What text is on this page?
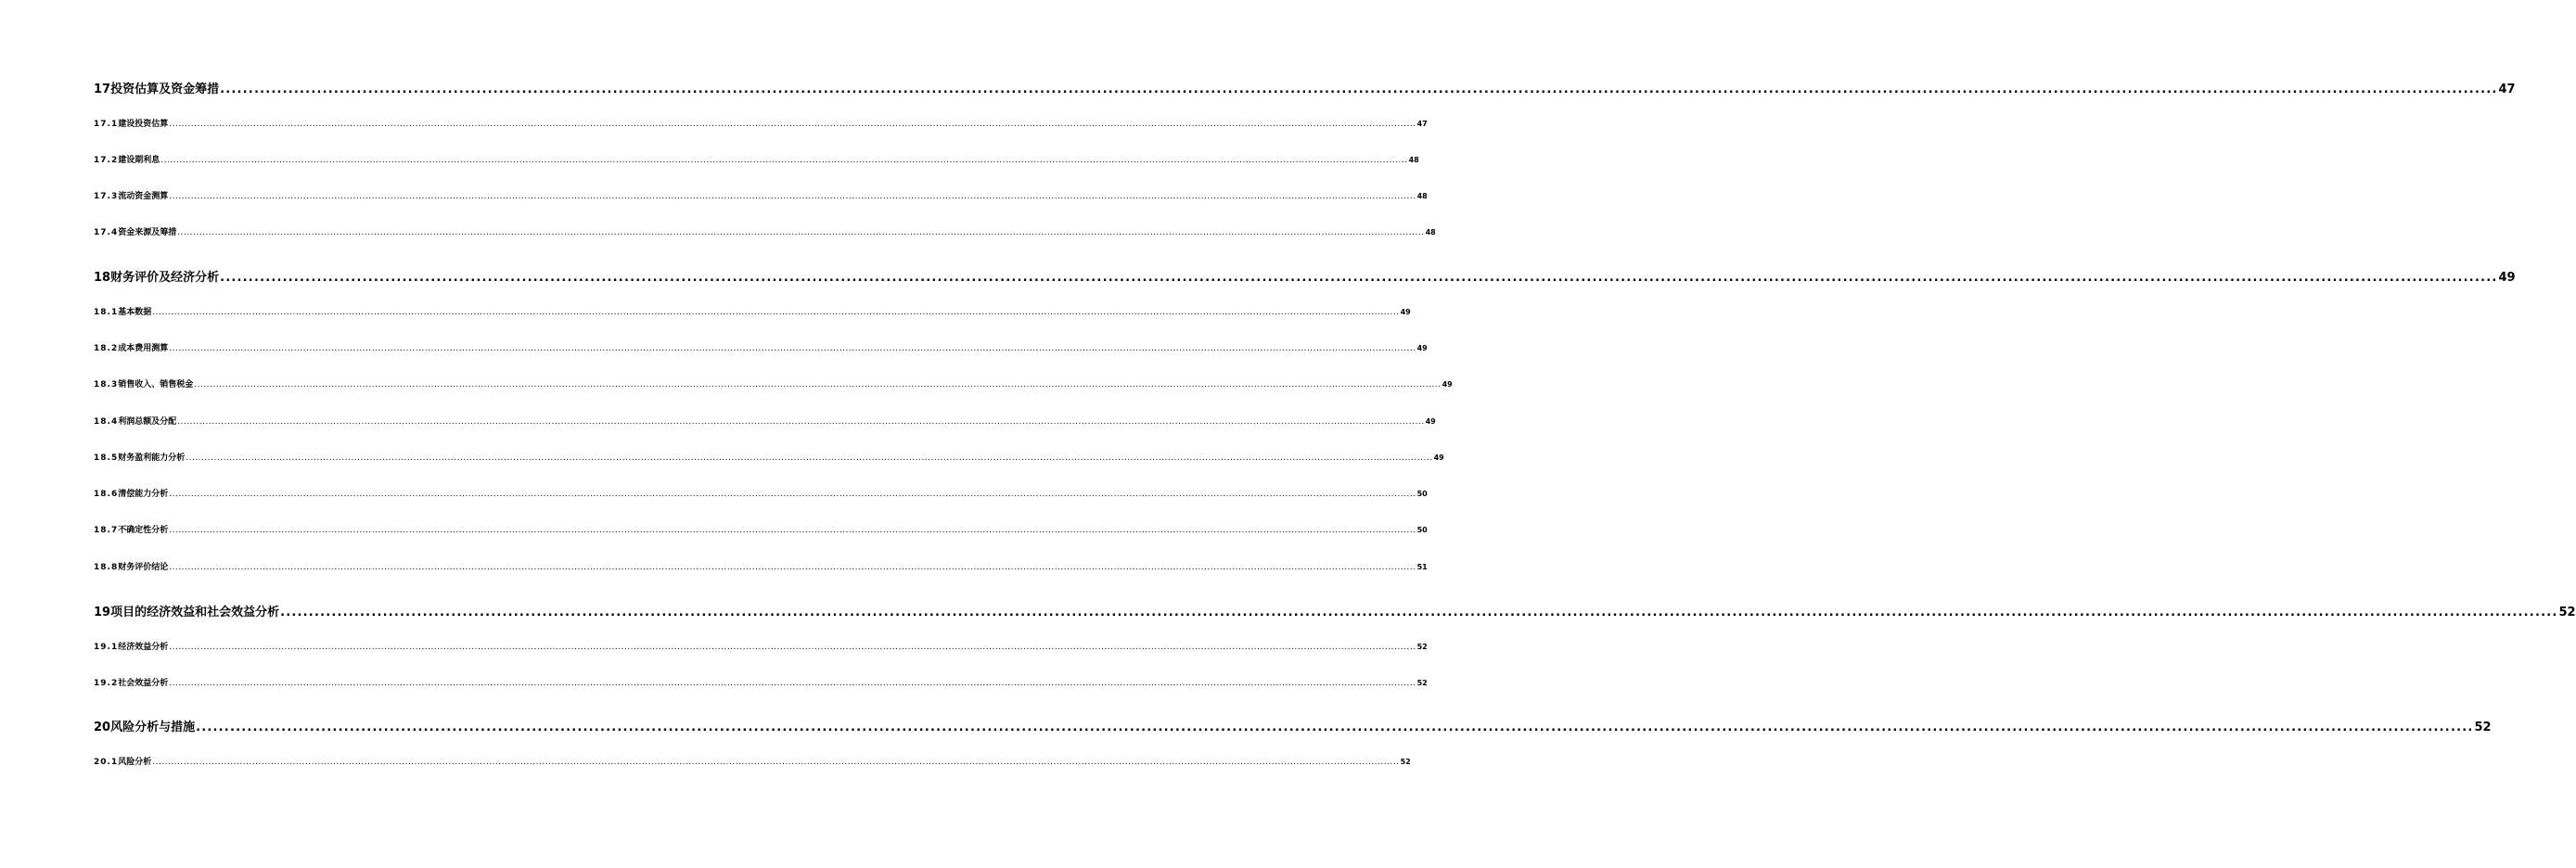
17 投资估算及资金筹措 ................................................................................................................................................................................................................................................................................................................................................................................................................ 47
17.1 建设投资估算 ................................................................................................................................................................................................................................................................................................................................................................................................................ 47
17.2 建设期利息 ................................................................................................................................................................................................................................................................................................................................................................................................................ 48
17.3 流动资金测算 ................................................................................................................................................................................................................................................................................................................................................................................................................ 48
17.4 资金来源及筹措 ................................................................................................................................................................................................................................................................................................................................................................................................................ 48
18 财务评价及经济分析 ................................................................................................................................................................................................................................................................................................................................................................................................................ 49
18.1 基本数据 ................................................................................................................................................................................................................................................................................................................................................................................................................ 49
18.2 成本费用测算 ................................................................................................................................................................................................................................................................................................................................................................................................................ 49
18.3 销售收入、销售税金 ................................................................................................................................................................................................................................................................................................................................................................................................................ 49
18.4 利润总额及分配 ................................................................................................................................................................................................................................................................................................................................................................................................................ 49
18.5 财务盈利能力分析 ................................................................................................................................................................................................................................................................................................................................................................................................................ 49
18.6 清偿能力分析 ................................................................................................................................................................................................................................................................................................................................................................................................................ 50
18.7 不确定性分析 ................................................................................................................................................................................................................................................................................................................................................................................................................ 50
18.8 财务评价结论 ................................................................................................................................................................................................................................................................................................................................................................................................................ 51
19 项目的经济效益和社会效益分析 ................................................................................................................................................................................................................................................................................................................................................................................................................ 52
19.1 经济效益分析 ................................................................................................................................................................................................................................................................................................................................................................................................................ 52
19.2 社会效益分析 ................................................................................................................................................................................................................................................................................................................................................................................................................ 52
20 风险分析与措施 ................................................................................................................................................................................................................................................................................................................................................................................................................ 52
20.1 风险分析 ................................................................................................................................................................................................................................................................................................................................................................................................................ 52
